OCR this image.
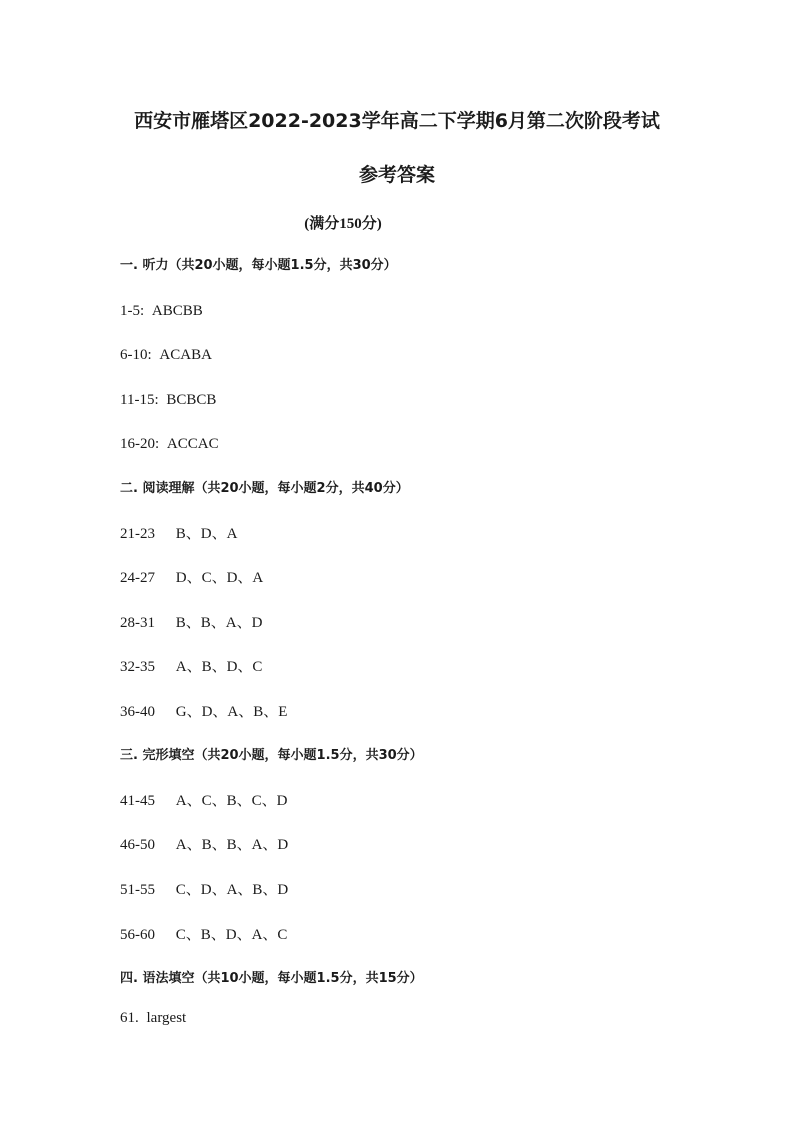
西安市雁塔区2022-2023学年高二下学期6月第二次阶段考试
参考答案
(满分150分)
一. 听力（共20小题，每小题1.5分，共30分）
1-5: ABCBB
6-10: ACABA
11-15: BCBCB
16-20: ACCAC
二. 阅读理解（共20小题，每小题2分，共40分）
21-23 B、D、A
24-27 D、C、D、A
28-31 B、B、A、D
32-35 A、B、D、C
36-40 G、D、A、B、E
三. 完形填空（共20小题，每小题1.5分，共30分）
41-45 A、C、B、C、D
46-50 A、B、B、A、D
51-55 C、D、A、B、D
56-60 C、B、D、A、C
四. 语法填空（共10小题，每小题1.5分，共15分）
61. largest
